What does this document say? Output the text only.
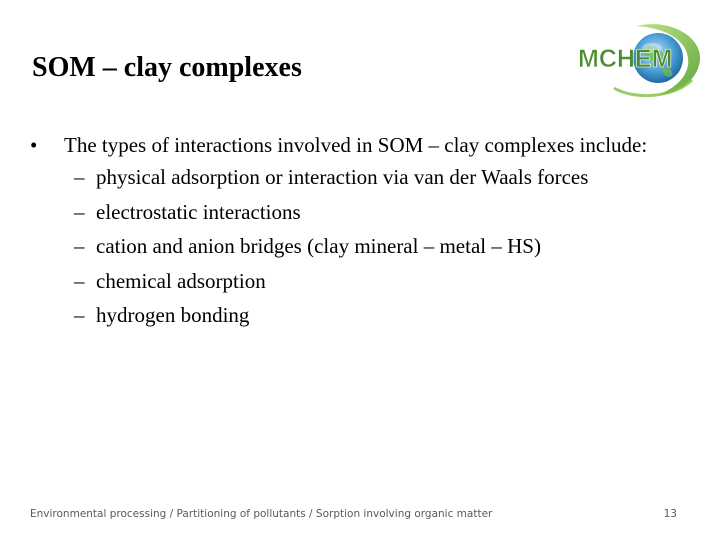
SOM – clay complexes	MCHEM
•	The types of interactions involved in SOM – clay complexes include:
– physical adsorption or interaction via van der Waals forces
– electrostatic interactions
– cation and anion bridges (clay mineral – metal – HS)
– chemical adsorption
– hydrogen bonding
Environmental processing / Partitioning of pollutants / Sorption involving organic matter	13
